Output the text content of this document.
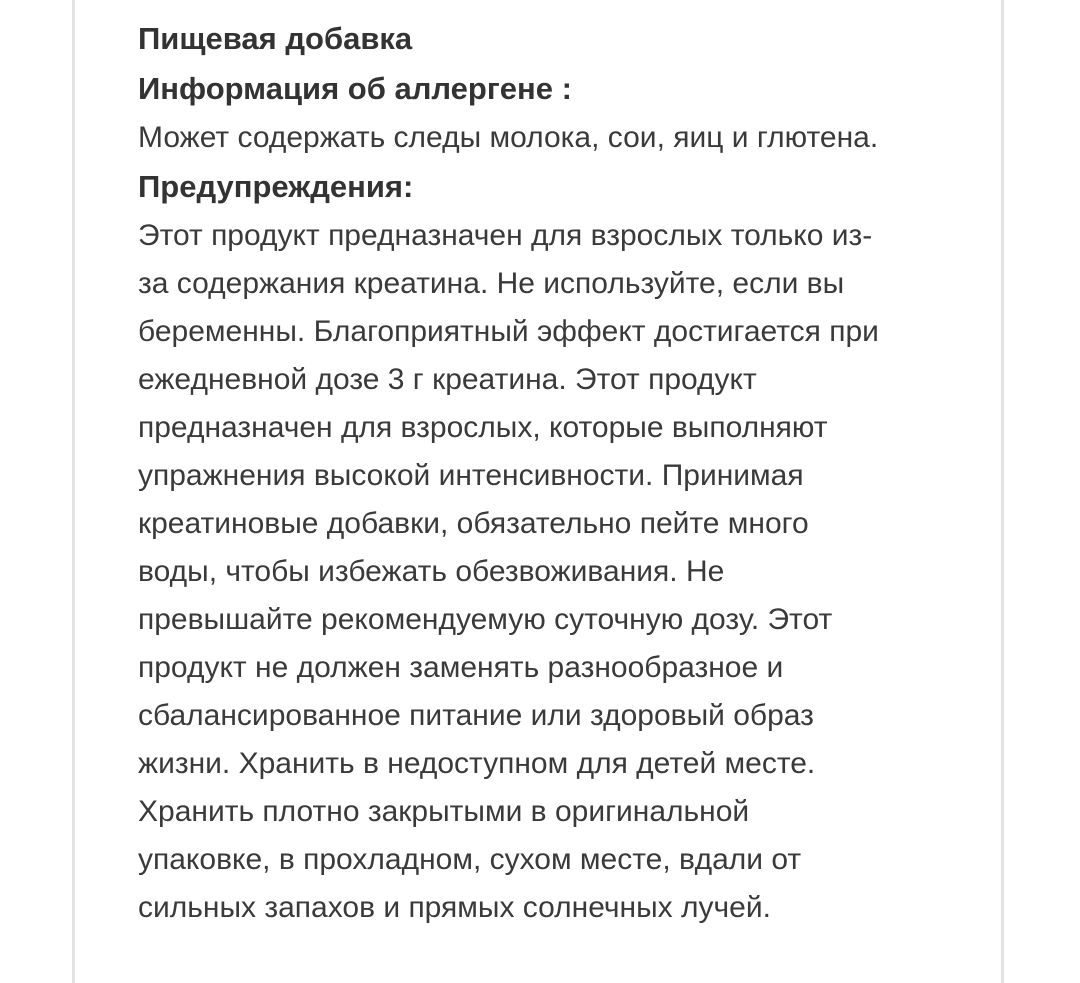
Пищевая добавка

Информация об аллергене :

Может содержать следы молока, сои, яиц и глютена.

Предупреждения:

Этот продукт предназначен для взрослых только из-
за содержания креатина. Не используйте, если вы
беременны. Благоприятный эффект достигается при
ежедневной дозе 3 г креатина. Этот продукт
предназначен для взрослых, которые выполняют
упражнения высокой интенсивности. Принимая
креатиновые добавки, обязательно пейте много
воды, чтобы избежать обезвоживания. Не
превышайте рекомендуемую суточную дозу. Этот
продукт не должен заменять разнообразное и
сбалансированное питание или здоровый образ
жизни. Хранить в недоступном для детей месте.
Хранить плотно закрытыми в оригинальной
упаковке, в прохладном, сухом месте, вдали от
сильных запахов и прямых солнечных лучей.
